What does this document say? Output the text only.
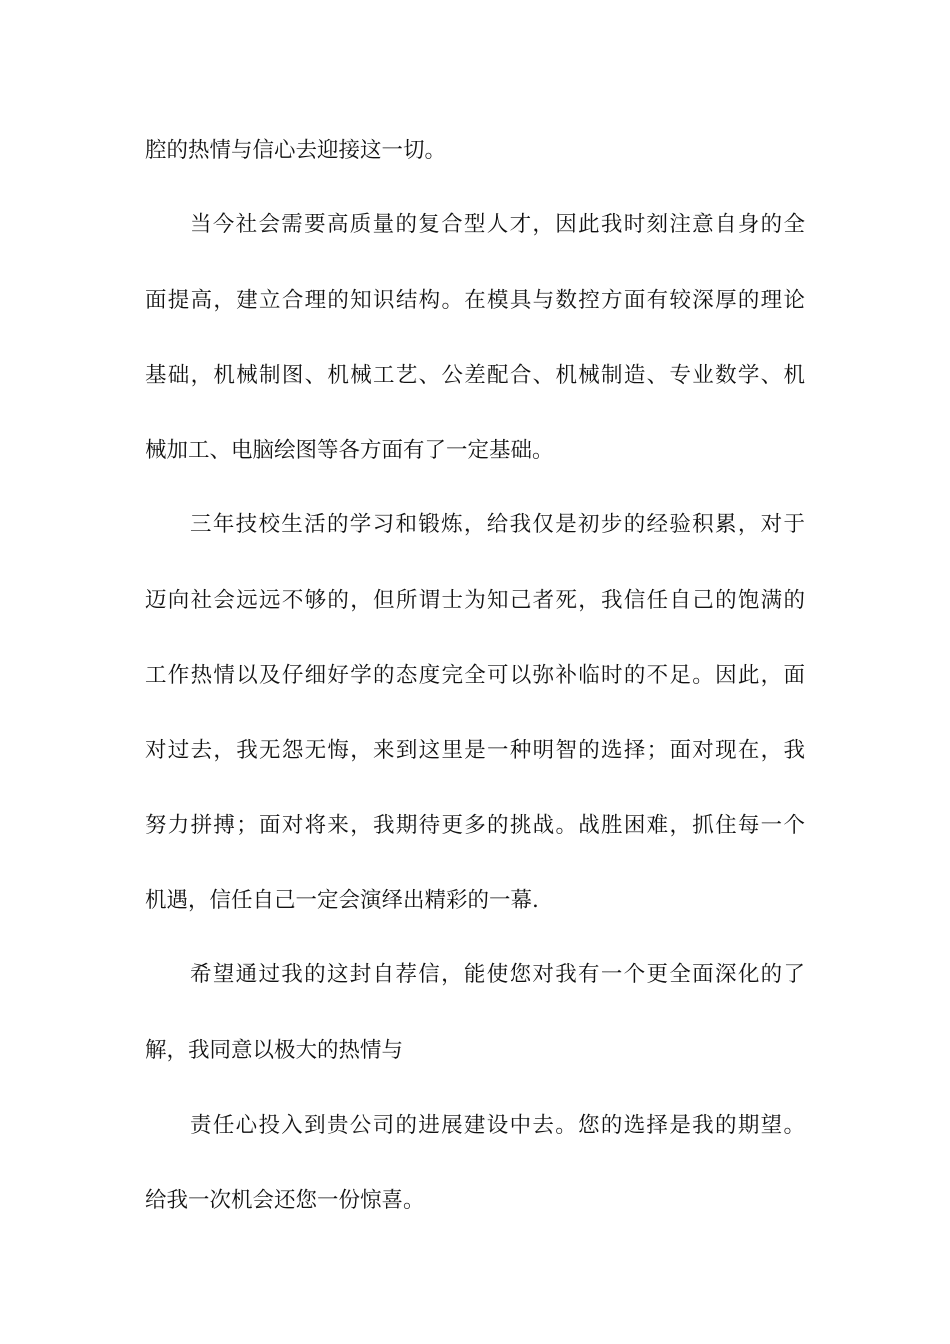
腔的热情与信心去迎接这一切。
当今社会需要高质量的复合型人才，因此我时刻注意自身的全
面提高，建立合理的知识结构。在模具与数控方面有较深厚的理论
基础，机械制图、机械工艺、公差配合、机械制造、专业数学、机
械加工、电脑绘图等各方面有了一定基础。
三年技校生活的学习和锻炼，给我仅是初步的经验积累，对于
迈向社会远远不够的，但所谓士为知己者死，我信任自己的饱满的
工作热情以及仔细好学的态度完全可以弥补临时的不足。因此，面
对过去，我无怨无悔，来到这里是一种明智的选择；面对现在，我
努力拼搏；面对将来，我期待更多的挑战。战胜困难，抓住每一个
机遇，信任自己一定会演绎出精彩的一幕.
希望通过我的这封自荐信，能使您对我有一个更全面深化的了
解，我同意以极大的热情与
责任心投入到贵公司的进展建设中去。您的选择是我的期望。
给我一次机会还您一份惊喜。
